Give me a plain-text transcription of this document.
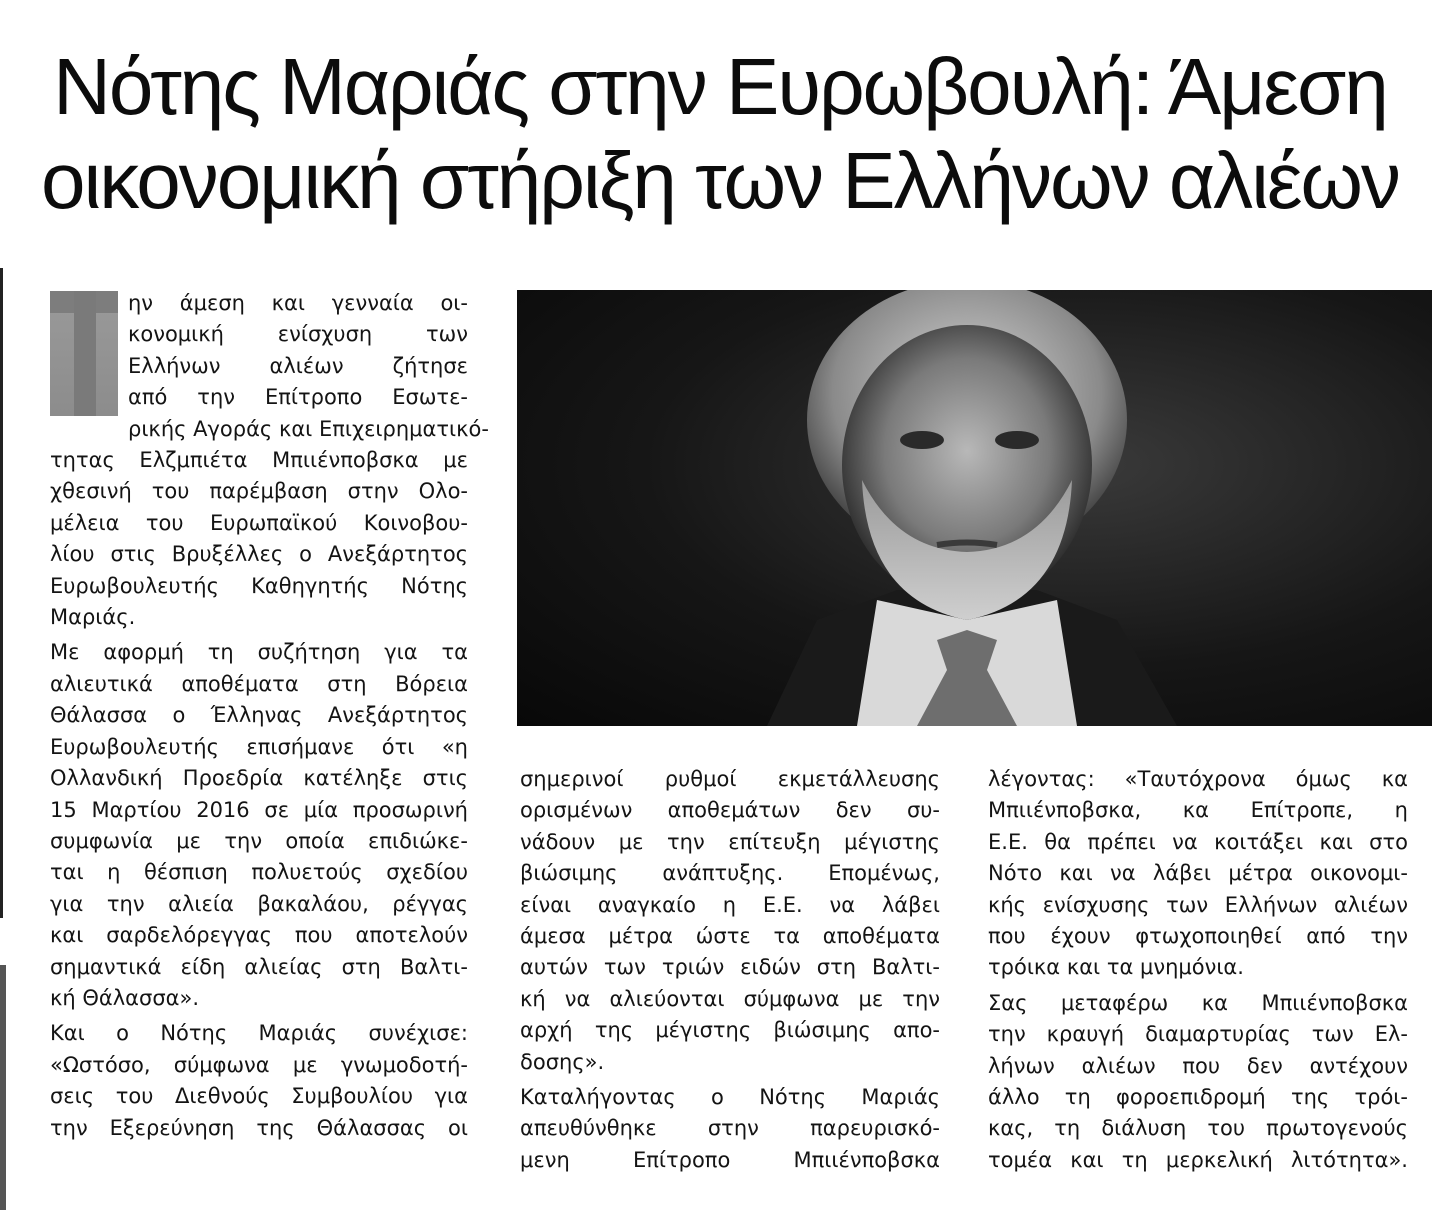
Νότης Μαριάς στην Ευρωβουλή: Άμεση
οικονομική στήριξη των Ελλήνων αλιέων

ην άμεση και γενναία οι-
κονομική ενίσχυση των
Ελλήνων αλιέων ζήτησε
από την Επίτροπο Εσωτε-
ρικής Αγοράς και Επιχειρηματικό-
τητας Ελζμπιέτα Μπιιένποβσκα με
χθεσινή του παρέμβαση στην Ολο-
μέλεια του Ευρωπαϊκού Κοινοβου-
λίου στις Βρυξέλλες ο Ανεξάρτητος
Ευρωβουλευτής Καθηγητής Νότης
Μαριάς.

Με αφορμή τη συζήτηση για τα
αλιευτικά αποθέματα στη Βόρεια
Θάλασσα ο Έλληνας Ανεξάρτητος
Ευρωβουλευτής επισήμανε ότι «η
Ολλανδική Προεδρία κατέληξε στις
15 Μαρτίου 2016 σε μία προσωρινή
συμφωνία με την οποία επιδιώκε-
ται η θέσπιση πολυετούς σχεδίου
για την αλιεία βακαλάου, ρέγγας
και σαρδελόρεγγας που αποτελούν
σημαντικά είδη αλιείας στη Βαλτι-
κή Θάλασσα».

Και ο Νότης Μαριάς συνέχισε:
«Ωστόσο, σύμφωνα με γνωμοδοτή-
σεις του Διεθνούς Συμβουλίου για
την Εξερεύνηση της Θάλασσας οι

σημερινοί ρυθμοί εκμετάλλευσης
ορισμένων αποθεμάτων δεν συ-
νάδουν με την επίτευξη μέγιστης
βιώσιμης ανάπτυξης. Επομένως,
είναι αναγκαίο η Ε.Ε. να λάβει
άμεσα μέτρα ώστε τα αποθέματα
αυτών των τριών ειδών στη Βαλτι-
κή να αλιεύονται σύμφωνα με την
αρχή της μέγιστης βιώσιμης απο-
δοσης».

Καταλήγοντας ο Νότης Μαριάς
απευθύνθηκε στην παρευρισκό-
μενη Επίτροπο Μπιιένποβσκα

λέγοντας: «Ταυτόχρονα όμως κα
Μπιιένποβσκα, κα Επίτροπε, η
Ε.Ε. θα πρέπει να κοιτάξει και στο
Νότο και να λάβει μέτρα οικονομι-
κής ενίσχυσης των Ελλήνων αλιέων
που έχουν φτωχοποιηθεί από την
τρόικα και τα μνημόνια.

Σας μεταφέρω κα Μπιιένποβσκα
την κραυγή διαμαρτυρίας των Ελ-
λήνων αλιέων που δεν αντέχουν
άλλο τη φοροεπιδρομή της τρόι-
κας, τη διάλυση του πρωτογενούς
τομέα και τη μερκελική λιτότητα».
